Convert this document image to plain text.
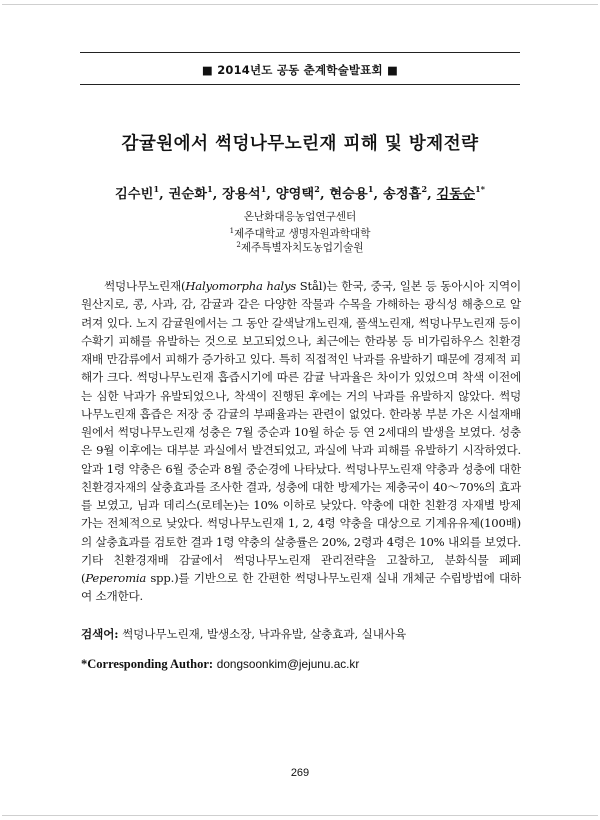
■ 2014년도 공동 춘계학술발표회 ■
감귤원에서 썩덩나무노린재 피해 및 방제전략
김수빈$^1$, 권순화$^1$, 장용석$^1$, 양영택$^2$, 현승용$^1$, 송정흡$^2$, 김동순$^{1*}$
온난화대응농업연구센터
$^1$제주대학교 생명자원과학대학
$^2$제주특별자치도농업기술원

썩덩나무노린재(Halyomorpha halys Stål)는 한국, 중국, 일본 등 동아시아 지역이 원산지로, 콩, 사과, 감, 감귤과 같은 다양한 작물과 수목을 가해하는 광식성 해충으로 알려져 있다. 노지 감귤원에서는 그 동안 갈색날개노린재, 풀색노린재, 썩덩나무노린재 등이 수확기 피해를 유발하는 것으로 보고되었으나, 최근에는 한라봉 등 비가림하우스 친환경재배 만감류에서 피해가 증가하고 있다. 특히 직접적인 낙과를 유발하기 때문에 경제적 피해가 크다. 썩덩나무노린재 흡즙시기에 따른 감귤 낙과율은 차이가 있었으며 착색 이전에는 심한 낙과가 유발되었으나, 착색이 진행된 후에는 거의 낙과를 유발하지 않았다. 썩덩나무노린재 흡즙은 저장 중 감귤의 부패율과는 관련이 없었다. 한라봉 부분 가온 시설재배원에서 썩덩나무노린재 성충은 7월 중순과 10월 하순 등 연 2세대의 발생을 보였다. 성충은 9월 이후에는 대부분 과실에서 발견되었고, 과실에 낙과 피해를 유발하기 시작하였다. 알과 1령 약충은 6월 중순과 8월 중순경에 나타났다. 썩덩나무노린재 약충과 성충에 대한 친환경자재의 살충효과를 조사한 결과, 성충에 대한 방제가는 제충국이 40～70%의 효과를 보였고, 님과 데리스(로테논)는 10% 이하로 낮았다. 약충에 대한 친환경 자재별 방제가는 전체적으로 낮았다. 썩덩나무노린재 1, 2, 4령 약충을 대상으로 기계유유제(100배)의 살충효과를 검토한 결과 1령 약충의 살충률은 20%, 2령과 4령은 10% 내외를 보였다. 기타 친환경재배 감귤에서 썩덩나무노린재 관리전략을 고찰하고, 분화식물 페페(Peperomia spp.)를 기반으로 한 간편한 썩덩나무노린재 실내 개체군 수립방법에 대하여 소개한다.

검색어: 썩덩나무노린재, 발생소장, 낙과유발, 살충효과, 실내사육
*Corresponding Author: dongsoonkim@jejunu.ac.kr
269
